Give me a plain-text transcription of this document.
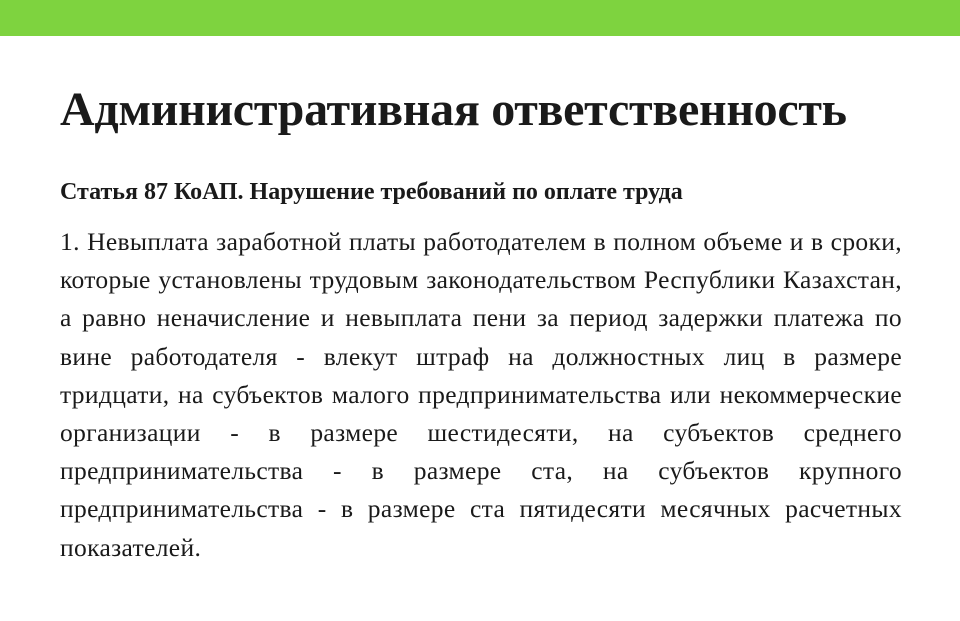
Административная ответственность
Статья 87 КоАП. Нарушение требований по оплате труда

1. Невыплата заработной платы работодателем в полном объеме и в сроки, которые установлены трудовым законодательством Республики Казахстан, а равно неначисление и невыплата пени за период задержки платежа по вине работодателя - влекут штраф на должностных лиц в размере тридцати, на субъектов малого предпринимательства или некоммерческие организации - в размере шестидесяти, на субъектов среднего предпринимательства - в размере ста, на субъектов крупного предпринимательства - в размере ста пятидесяти месячных расчетных показателей.
